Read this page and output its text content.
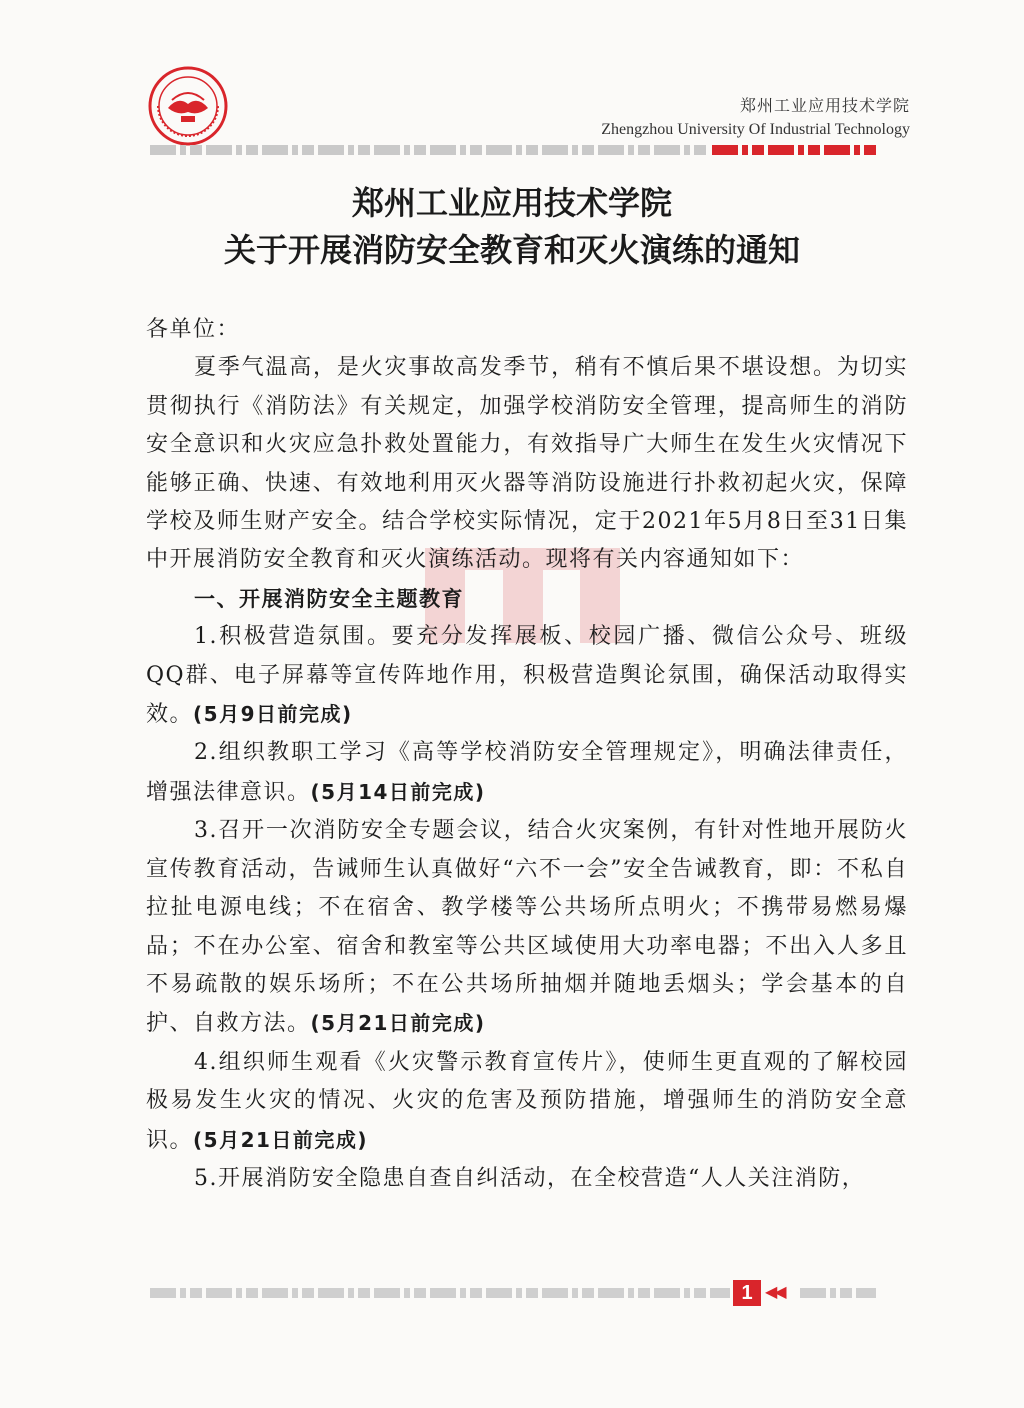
郑州工业应用技术学院
Zhengzhou University Of Industrial Technology
郑州工业应用技术学院
关于开展消防安全教育和灭火演练的通知

各单位：

夏季气温高，是火灾事故高发季节，稍有不慎后果不堪设想。为切实贯彻执行《消防法》有关规定，加强学校消防安全管理，提高师生的消防安全意识和火灾应急扑救处置能力，有效指导广大师生在发生火灾情况下能够正确、快速、有效地利用灭火器等消防设施进行扑救初起火灾，保障学校及师生财产安全。结合学校实际情况，定于2021年5月8日至31日集中开展消防安全教育和灭火演练活动。现将有关内容通知如下：

一、开展消防安全主题教育

1.积极营造氛围。要充分发挥展板、校园广播、微信公众号、班级QQ群、电子屏幕等宣传阵地作用，积极营造舆论氛围，确保活动取得实效。(5月9日前完成)

2.组织教职工学习《高等学校消防安全管理规定》，明确法律责任，增强法律意识。(5月14日前完成)

3.召开一次消防安全专题会议，结合火灾案例，有针对性地开展防火宣传教育活动，告诫师生认真做好“六不一会”安全告诫教育，即：不私自拉扯电源电线；不在宿舍、教学楼等公共场所点明火；不携带易燃易爆品；不在办公室、宿舍和教室等公共区域使用大功率电器；不出入人多且不易疏散的娱乐场所；不在公共场所抽烟并随地丢烟头；学会基本的自护、自救方法。(5月21日前完成)

4.组织师生观看《火灾警示教育宣传片》，使师生更直观的了解校园极易发生火灾的情况、火灾的危害及预防措施，增强师生的消防安全意识。(5月21日前完成)

5.开展消防安全隐患自查自纠活动，在全校营造“人人关注消防，

1 ◀◀
